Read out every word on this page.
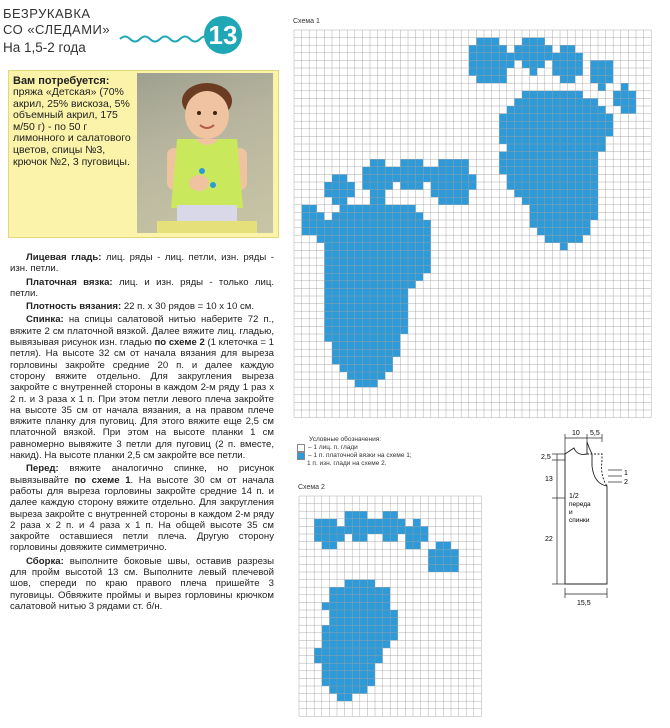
БЕЗРУКАВКА
СО «СЛЕДАМИ»
На 1,5-2 года	13
Вам потребуется:
пряжа «Детская» (70% акрил, 25% вискоза, 5% объемный акрил, 175 м/50 г) - по 50 г лимонного и салатового цветов, спицы №3, крючок №2, 3 пуговицы.

Лицевая гладь: лиц. ряды - лиц. петли, изн. ряды - изн. петли.

Платочная вязка: лиц. и изн. ряды - только лиц. петли.

Плотность вязания: 22 п. х 30 рядов = 10 х 10 см.

Спинка: на спицы салатовой нитью наберите 72 п., вяжите 2 см платочной вязкой. Далее вяжите лиц. гладью, вывязывая рисунок изн. гладью по схеме 2 (1 клеточка = 1 петля). На высоте 32 см от начала вязания для выреза горловины закройте средние 20 п. и далее каждую сторону вяжите отдельно. Для закругления выреза закройте с внутренней стороны в каждом 2-м ряду 1 раз х 2 п. и 3 раза х 1 п. При этом петли левого плеча закройте на высоте 35 см от начала вязания, а на правом плече вяжите планку для пуговиц. Для этого вяжите еще 2,5 см платочной вязкой. При этом на высоте планки 1 см равномерно вывяжите 3 петли для пуговиц (2 п. вместе, накид). На высоте планки 2,5 см закройте все петли.

Перед: вяжите аналогично спинке, но рисунок вывязывайте по схеме 1. На высоте 30 см от начала работы для выреза горловины закройте средние 14 п. и далее каждую сторону вяжите отдельно. Для закругления выреза закройте с внутренней стороны в каждом 2-м ряду 2 раза х 2 п. и 4 раза х 1 п. На общей высоте 35 см закройте оставшиеся петли плеча. Другую сторону горловины довяжите симметрично.

Сборка: выполните боковые швы, оставив разрезы для пройм высотой 13 см. Выполните левый плечевой шов, спереди по краю правого плеча пришейте 3 пуговицы. Обвяжите проймы и вырез горловины крючком салатовой нитью 3 рядами ст. б/н.

Схема 1
Условные обозначения:
– 1 лиц. п. глади
– 1 п. платочной вязки на схеме 1;
1 п. изн. глади на схеме 2.
10 5,5
2,5
13
22
1
2
15,5
1/2
переда
и
спинки
Схема 2
